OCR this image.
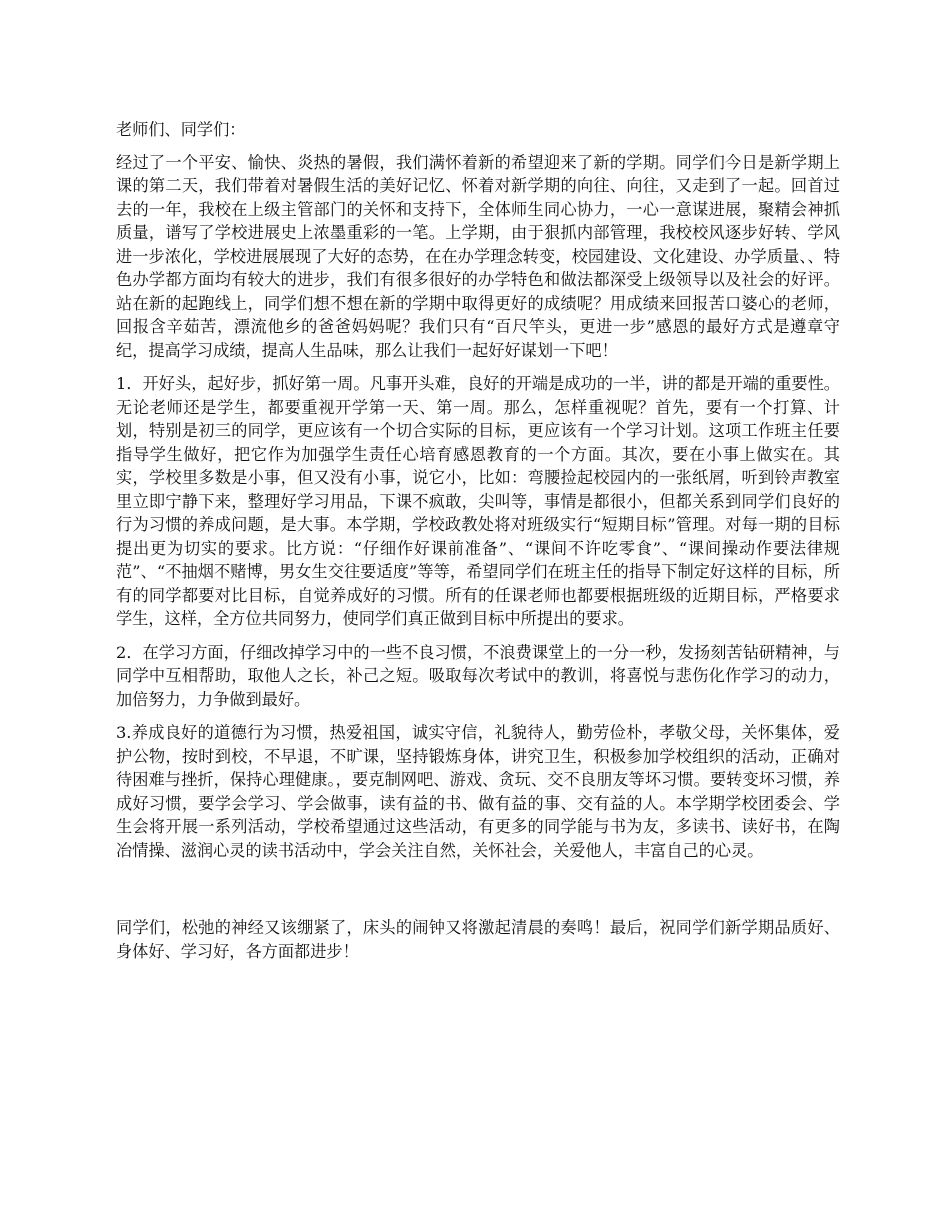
老师们、同学们：

经过了一个平安、愉快、炎热的暑假，我们满怀着新的希望迎来了新的学期。同学们今日是新学期上课的第二天，我们带着对暑假生活的美好记忆、怀着对新学期的向往、向往，又走到了一起。回首过去的一年，我校在上级主管部门的关怀和支持下，全体师生同心协力，一心一意谋进展，聚精会神抓质量，谱写了学校进展史上浓墨重彩的一笔。上学期，由于狠抓内部管理，我校校风逐步好转、学风进一步浓化，学校进展展现了大好的态势，在在办学理念转变，校园建设、文化建设、办学质量、、特色办学都方面均有较大的进步，我们有很多很好的办学特色和做法都深受上级领导以及社会的好评。站在新的起跑线上，同学们想不想在新的学期中取得更好的成绩呢？用成绩来回报苦口婆心的老师，回报含辛茹苦，漂流他乡的爸爸妈妈呢？我们只有“百尺竿头，更进一步”感恩的最好方式是遵章守纪，提高学习成绩，提高人生品味，那么让我们一起好好谋划一下吧！

1．开好头，起好步，抓好第一周。凡事开头难，良好的开端是成功的一半，讲的都是开端的重要性。无论老师还是学生，都要重视开学第一天、第一周。那么，怎样重视呢？首先，要有一个打算、计划，特别是初三的同学，更应该有一个切合实际的目标，更应该有一个学习计划。这项工作班主任要指导学生做好，把它作为加强学生责任心培育感恩教育的一个方面。其次，要在小事上做实在。其实，学校里多数是小事，但又没有小事，说它小，比如：弯腰捡起校园内的一张纸屑，听到铃声教室里立即宁静下来，整理好学习用品，下课不疯敢，尖叫等，事情是都很小，但都关系到同学们良好的行为习惯的养成问题，是大事。本学期，学校政教处将对班级实行“短期目标”管理。对每一期的目标提出更为切实的要求。比方说：“仔细作好课前准备”、“课间不许吃零食”、“课间操动作要法律规范”、“不抽烟不赌博，男女生交往要适度”等等，希望同学们在班主任的指导下制定好这样的目标，所有的同学都要对比目标，自觉养成好的习惯。所有的任课老师也都要根据班级的近期目标，严格要求学生，这样，全方位共同努力，使同学们真正做到目标中所提出的要求。

2．在学习方面，仔细改掉学习中的一些不良习惯，不浪费课堂上的一分一秒，发扬刻苦钻研精神，与同学中互相帮助，取他人之长，补己之短。吸取每次考试中的教训，将喜悦与悲伤化作学习的动力，加倍努力，力争做到最好。

3.养成良好的道德行为习惯，热爱祖国，诚实守信，礼貌待人，勤劳俭朴，孝敬父母，关怀集体，爱护公物，按时到校，不早退，不旷课，坚持锻炼身体，讲究卫生，积极参加学校组织的活动，正确对待困难与挫折，保持心理健康。，要克制网吧、游戏、贪玩、交不良朋友等坏习惯。要转变坏习惯，养成好习惯，要学会学习、学会做事，读有益的书、做有益的事、交有益的人。本学期学校团委会、学生会将开展一系列活动，学校希望通过这些活动，有更多的同学能与书为友，多读书、读好书，在陶冶情操、滋润心灵的读书活动中，学会关注自然，关怀社会，关爱他人，丰富自己的心灵。

同学们，松弛的神经又该绷紧了，床头的闹钟又将激起清晨的奏鸣！最后，祝同学们新学期品质好、身体好、学习好，各方面都进步！
